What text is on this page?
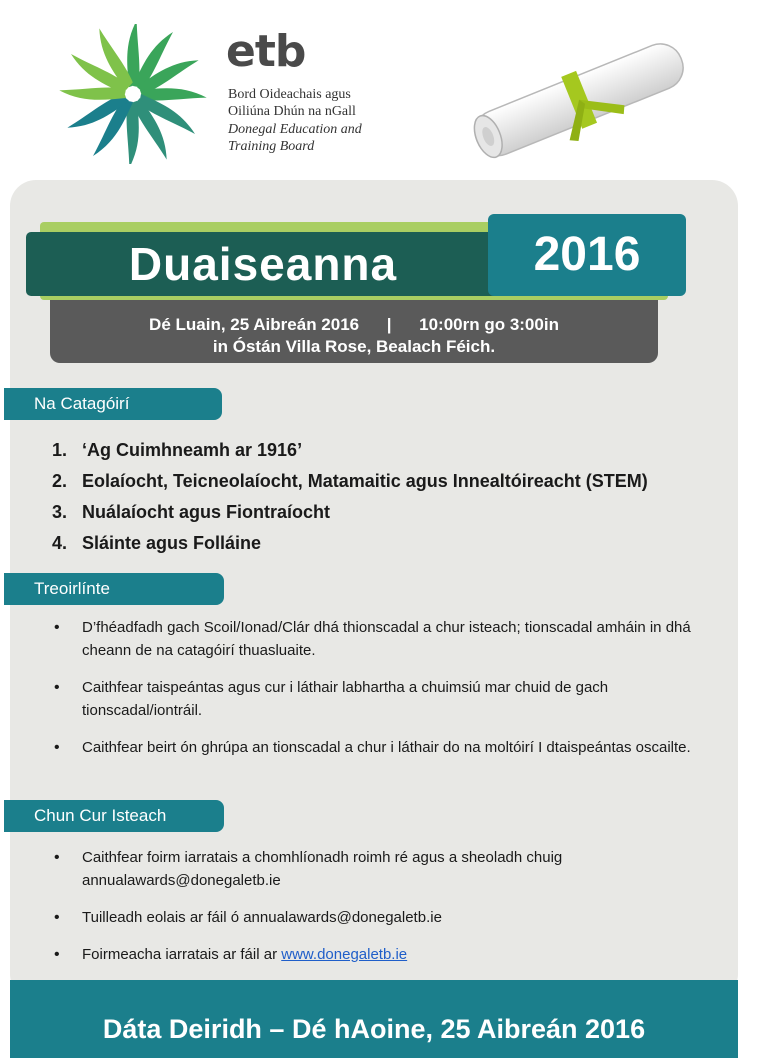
etb
Bord Oideachais agus
Oiliúna Dhún na nGall
Donegal Education and
Training Board
Duaiseanna	2016
Dé Luain, 25 Aibreán 2016 | 10:00rn go 3:00in
in Óstán Villa Rose, Bealach Féich.
Na Catagóirí
1. ‘Ag Cuimhneamh ar 1916’
2. Eolaíocht, Teicneolaíocht, Matamaitic agus Innealtóireacht (STEM)
3. Nuálaíocht agus Fiontraíocht
4. Sláinte agus Folláine
Treoirlínte
• D’fhéadfadh gach Scoil/Ionad/Clár dhá thionscadal a chur isteach; tionscadal amháin in dhá cheann de na catagóirí thuasluaite.
• Caithfear taispeántas agus cur i láthair labhartha a chuimsiú mar chuid de gach tionscadal/iontráil.
• Caithfear beirt ón ghrúpa an tionscadal a chur i láthair do na moltóirí I dtaispeántas oscailte.
Chun Cur Isteach
• Caithfear foirm iarratais a chomhlíonadh roimh ré agus a sheoladh chuig annualawards@donegaletb.ie
• Tuilleadh eolais ar fáil ó annualawards@donegaletb.ie
• Foirmeacha iarratais ar fáil ar www.donegaletb.ie
Dáta Deiridh – Dé hAoine, 25 Aibreán 2016
